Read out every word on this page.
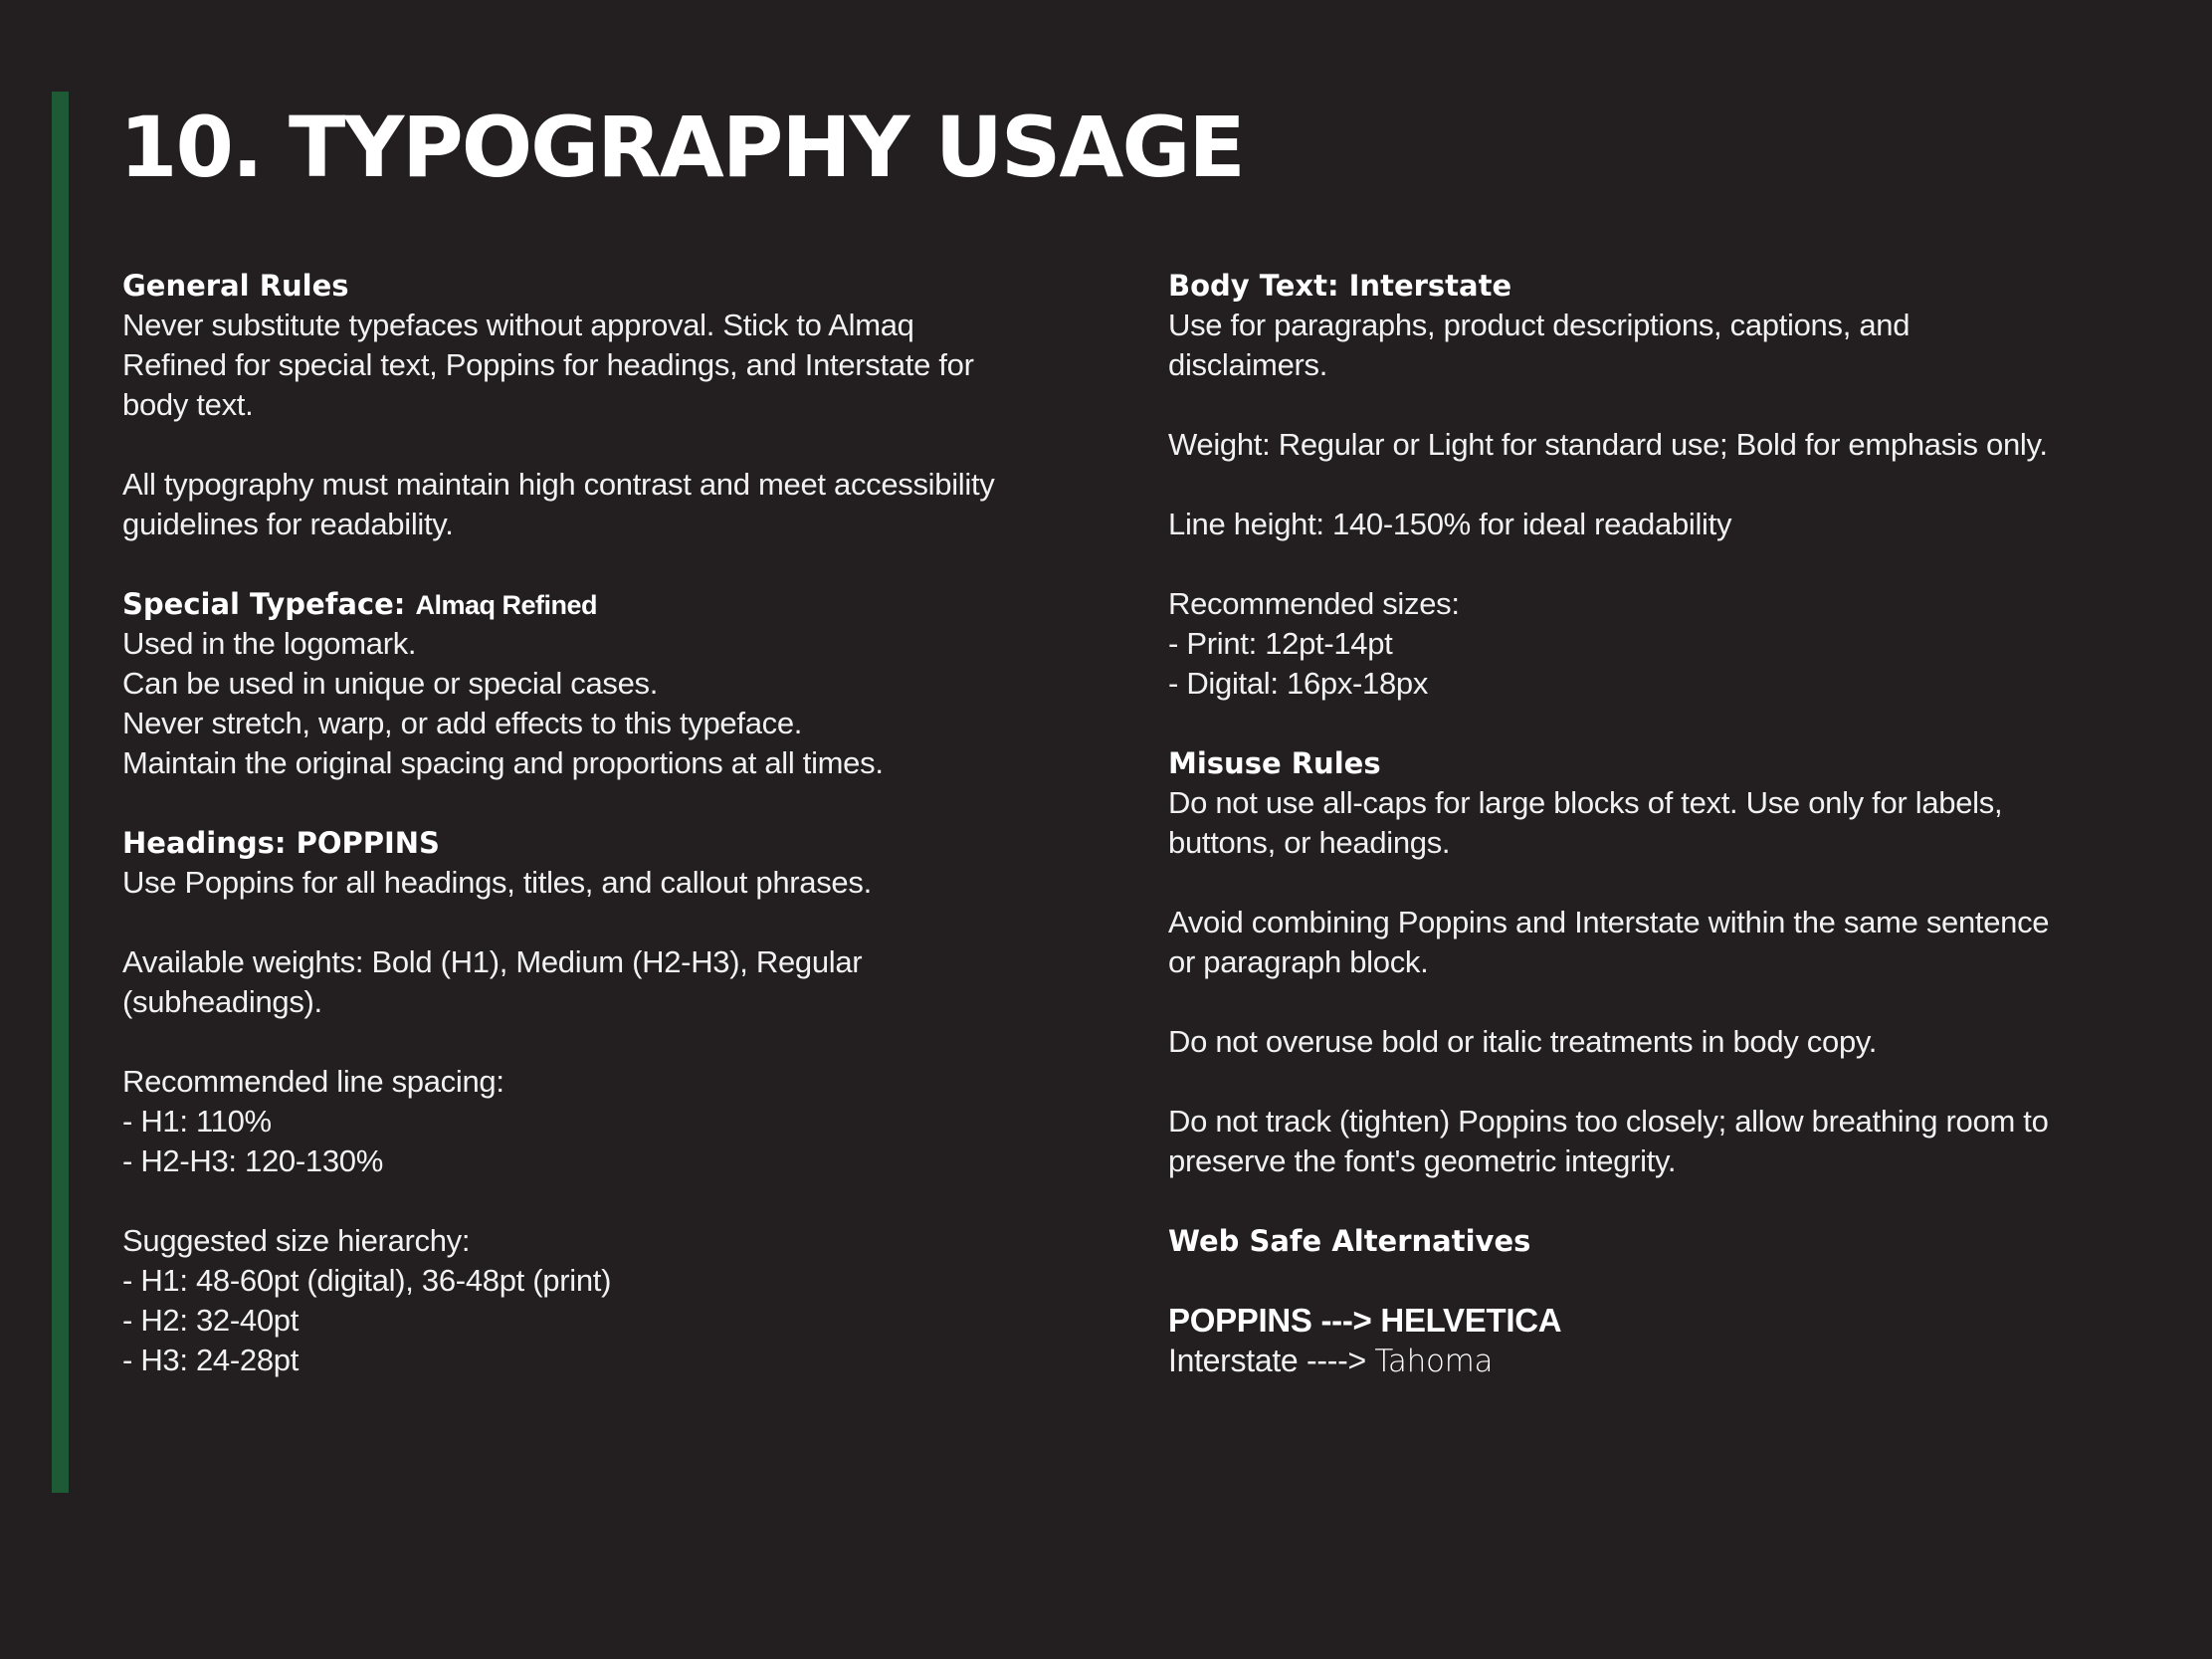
10. TYPOGRAPHY USAGE
General Rules
Never substitute typefaces without approval. Stick to Almaq
Refined for special text, Poppins for headings, and Interstate for
body text.
All typography must maintain high contrast and meet accessibility
guidelines for readability.
Special Typeface: Almaq Refined
Used in the logomark.
Can be used in unique or special cases.
Never stretch, warp, or add effects to this typeface.
Maintain the original spacing and proportions at all times.
Headings: POPPINS
Use Poppins for all headings, titles, and callout phrases.
Available weights: Bold (H1), Medium (H2-H3), Regular
(subheadings).
Recommended line spacing:
- H1: 110%
- H2-H3: 120-130%
Suggested size hierarchy:
- H1: 48-60pt (digital), 36-48pt (print)
- H2: 32-40pt
- H3: 24-28pt
Body Text: Interstate
Use for paragraphs, product descriptions, captions, and
disclaimers.
Weight: Regular or Light for standard use; Bold for emphasis only.
Line height: 140-150% for ideal readability
Recommended sizes:
- Print: 12pt-14pt
- Digital: 16px-18px
Misuse Rules
Do not use all-caps for large blocks of text. Use only for labels,
buttons, or headings.
Avoid combining Poppins and Interstate within the same sentence
or paragraph block.
Do not overuse bold or italic treatments in body copy.
Do not track (tighten) Poppins too closely; allow breathing room to
preserve the font's geometric integrity.
Web Safe Alternatives
POPPINS ---> HELVETICA
Interstate ----> Tahoma
